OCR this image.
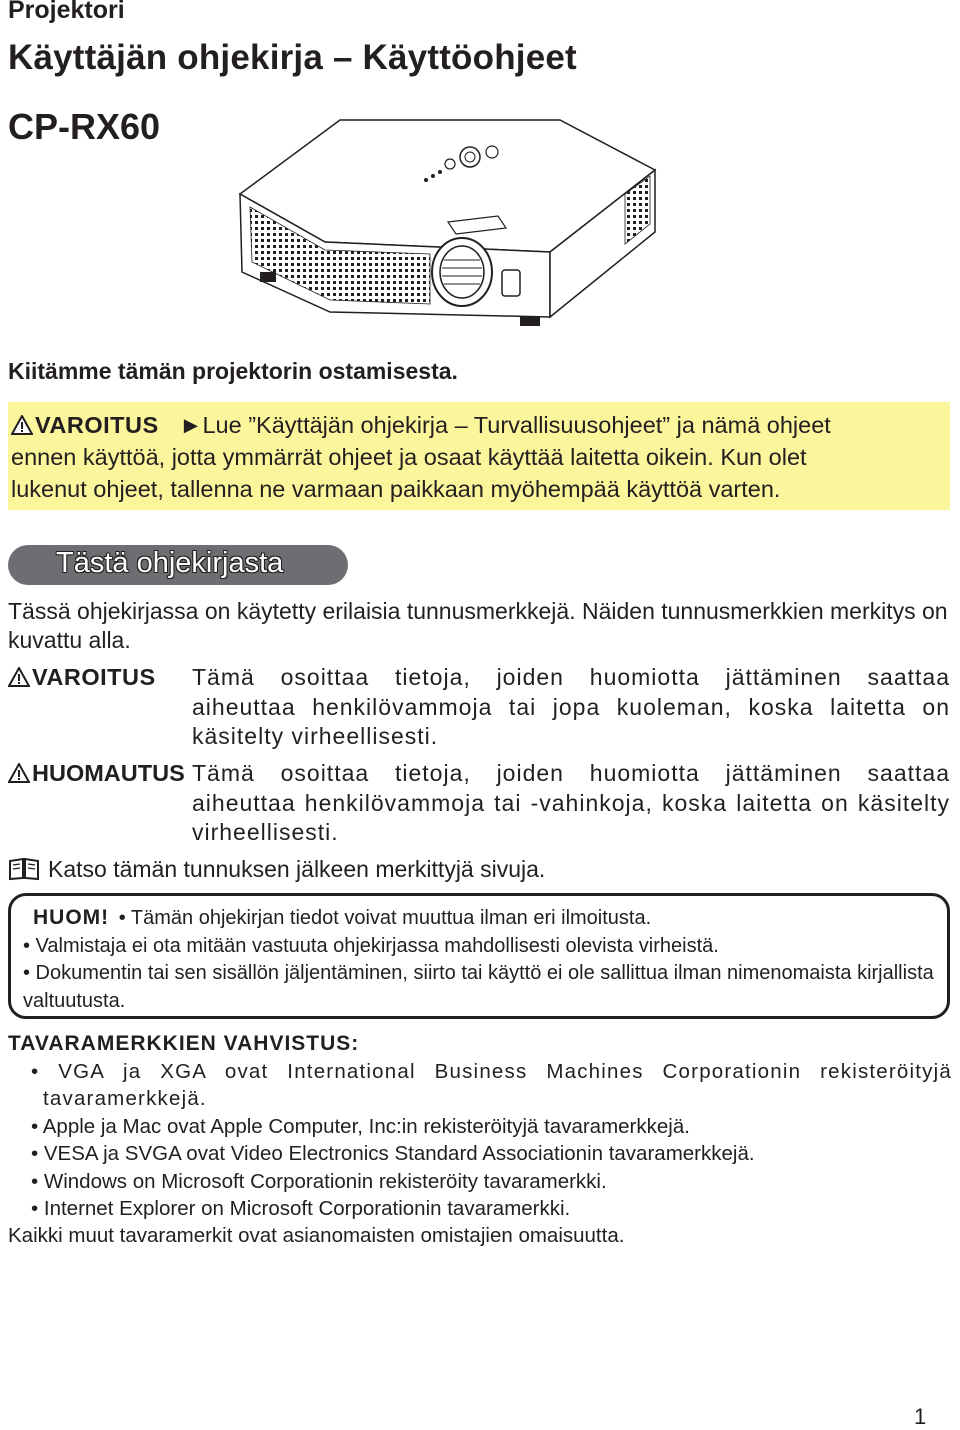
Projektori
Käyttäjän ohjekirja – Käyttöohjeet
CP-RX60
Kiitämme tämän projektorin ostamisesta.
VAROITUS ►Lue ”Käyttäjän ohjekirja – Turvallisuusohjeet” ja nämä ohjeet
ennen käyttöä, jotta ymmärrät ohjeet ja osaat käyttää laitetta oikein. Kun olet
lukenut ohjeet, tallenna ne varmaan paikkaan myöhempää käyttöä varten.
Tästä ohjekirjasta
Tässä ohjekirjassa on käytetty erilaisia tunnusmerkkejä. Näiden tunnusmerkkien merkitys on kuvattu alla.
VAROITUS Tämä osoittaa tietoja, joiden huomiotta jättäminen saattaa aiheuttaa henkilövammoja tai jopa kuoleman, koska laitetta on käsitelty virheellisesti.
HUOMAUTUS Tämä osoittaa tietoja, joiden huomiotta jättäminen saattaa aiheuttaa henkilövammoja tai -vahinkoja, koska laitetta on käsitelty virheellisesti.
Katso tämän tunnuksen jälkeen merkittyjä sivuja.
HUOM! • Tämän ohjekirjan tiedot voivat muuttua ilman eri ilmoitusta.
• Valmistaja ei ota mitään vastuuta ohjekirjassa mahdollisesti olevista virheistä.
• Dokumentin tai sen sisällön jäljentäminen, siirto tai käyttö ei ole sallittua ilman nimenomaista kirjallista valtuutusta.
TAVARAMERKKIEN VAHVISTUS:
• VGA ja XGA ovat International Business Machines Corporationin rekisteröityjä tavaramerkkejä.
• Apple ja Mac ovat Apple Computer, Inc:in rekisteröityjä tavaramerkkejä.
• VESA ja SVGA ovat Video Electronics Standard Associationin tavaramerkkejä.
• Windows on Microsoft Corporationin rekisteröity tavaramerkki.
• Internet Explorer on Microsoft Corporationin tavaramerkki.
Kaikki muut tavaramerkit ovat asianomaisten omistajien omaisuutta.
1
